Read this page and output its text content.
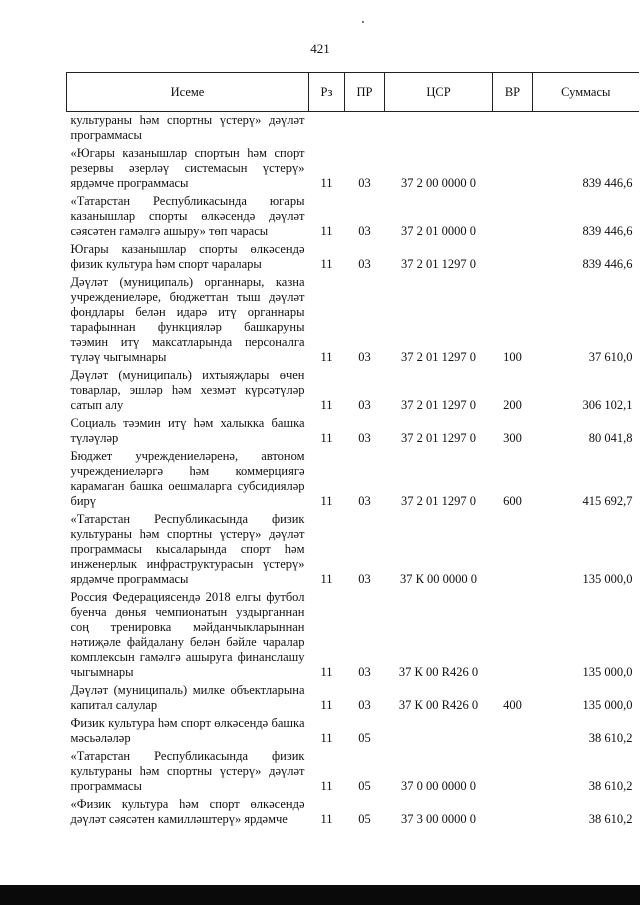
421
Исеме	Рз	ПР	ЦСР	ВР	Суммасы
культураны һәм спортны үстерү» дәүләт программасы					
«Югары казанышлар спортын һәм спорт резервы әзерләү системасын үстерү» ярдәмче программасы	11	03	37 2 00 0000 0		839 446,6
«Татарстан Республикасында югары казанышлар спорты өлкәсендә дәүләт сәясәтен гамәлгә ашыру» төп чарасы	11	03	37 2 01 0000 0		839 446,6
Югары казанышлар спорты өлкәсендә физик культура һәм спорт чаралары	11	03	37 2 01 1297 0		839 446,6
Дәүләт (муниципаль) органнары, казна учреждениеләре, бюджеттан тыш дәүләт фондлары белән идарә итү органнары тарафыннан функцияләр башкаруны тәэмин итү максатларында персоналга түләү чыгымнары	11	03	37 2 01 1297 0	100	37 610,0
Дәүләт (муниципаль) ихтыяҗлары өчен товарлар, эшләр һәм хезмәт күрсәтүләр сатып алу	11	03	37 2 01 1297 0	200	306 102,1
Социаль тәэмин итү һәм халыкка башка түләүләр	11	03	37 2 01 1297 0	300	80 041,8
Бюджет учреждениеләренә, автоном учреждениеләргә һәм коммерциягә карамаган башка оешмаларга субсидияләр бирү	11	03	37 2 01 1297 0	600	415 692,7
«Татарстан Республикасында физик культураны һәм спортны үстерү» дәүләт программасы кысаларында спорт һәм инженерлык инфраструктурасын үстерү» ярдәмче программасы	11	03	37 К 00 0000 0		135 000,0
Россия Федерациясендә 2018 елгы футбол буенча дөнья чемпионатын уздырганнан соң тренировка мәйданчыкларыннан нәтиҗәле файдалану белән бәйле чаралар комплексын гамәлгә ашыруга финанслашу чыгымнары	11	03	37 К 00 R426 0		135 000,0
Дәүләт (муниципаль) милке объектларына капитал салулар	11	03	37 К 00 R426 0	400	135 000,0
Физик культура һәм спорт өлкәсендә башка мәсьәләләр	11	05			38 610,2
«Татарстан Республикасында физик культураны һәм спортны үстерү» дәүләт программасы	11	05	37 0 00 0000 0		38 610,2
«Физик культура һәм спорт өлкәсендә дәүләт сәясәтен камилләштерү» ярдәмче	11	05	37 3 00 0000 0		38 610,2
